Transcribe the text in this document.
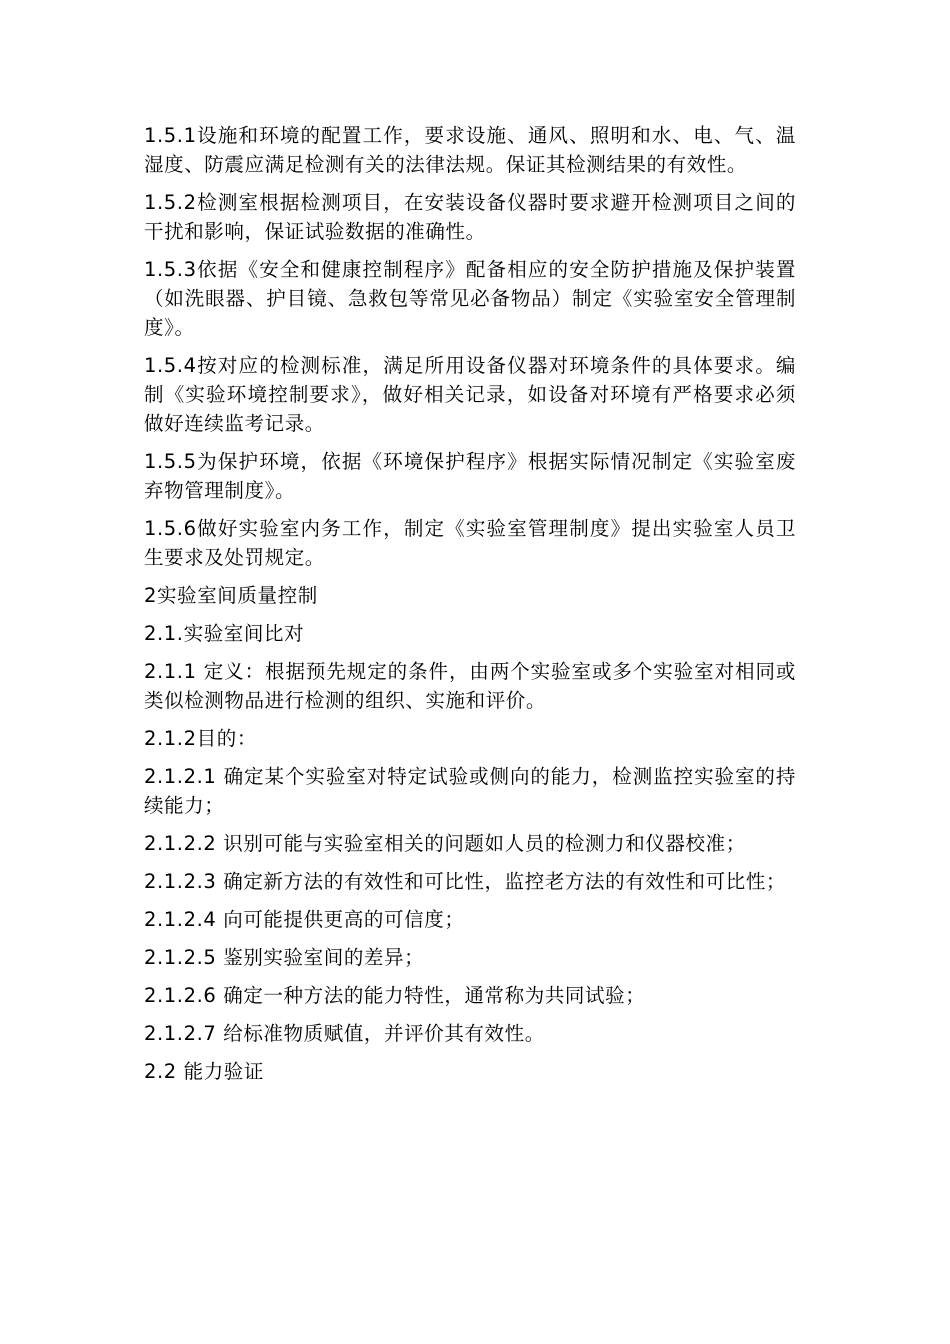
1.5.1设施和环境的配置工作，要求设施、通风、照明和水、电、气、温湿度、防震应满足检测有关的法律法规。保证其检测结果的有效性。

1.5.2检测室根据检测项目，在安装设备仪器时要求避开检测项目之间的干扰和影响，保证试验数据的准确性。

1.5.3依据《安全和健康控制程序》配备相应的安全防护措施及保护装置（如洗眼器、护目镜、急救包等常见必备物品）制定《实验室安全管理制度》。

1.5.4按对应的检测标准，满足所用设备仪器对环境条件的具体要求。编制《实验环境控制要求》，做好相关记录，如设备对环境有严格要求必须做好连续监考记录。

1.5.5为保护环境，依据《环境保护程序》根据实际情况制定《实验室废弃物管理制度》。

1.5.6做好实验室内务工作，制定《实验室管理制度》提出实验室人员卫生要求及处罚规定。

2实验室间质量控制

2.1.实验室间比对

2.1.1 定义：根据预先规定的条件，由两个实验室或多个实验室对相同或类似检测物品进行检测的组织、实施和评价。

2.1.2目的：

2.1.2.1 确定某个实验室对特定试验或侧向的能力，检测监控实验室的持续能力；

2.1.2.2 识别可能与实验室相关的问题如人员的检测力和仪器校准；

2.1.2.3 确定新方法的有效性和可比性，监控老方法的有效性和可比性；

2.1.2.4 向可能提供更高的可信度；

2.1.2.5 鉴别实验室间的差异；

2.1.2.6 确定一种方法的能力特性，通常称为共同试验；

2.1.2.7 给标准物质赋值，并评价其有效性。

2.2 能力验证
